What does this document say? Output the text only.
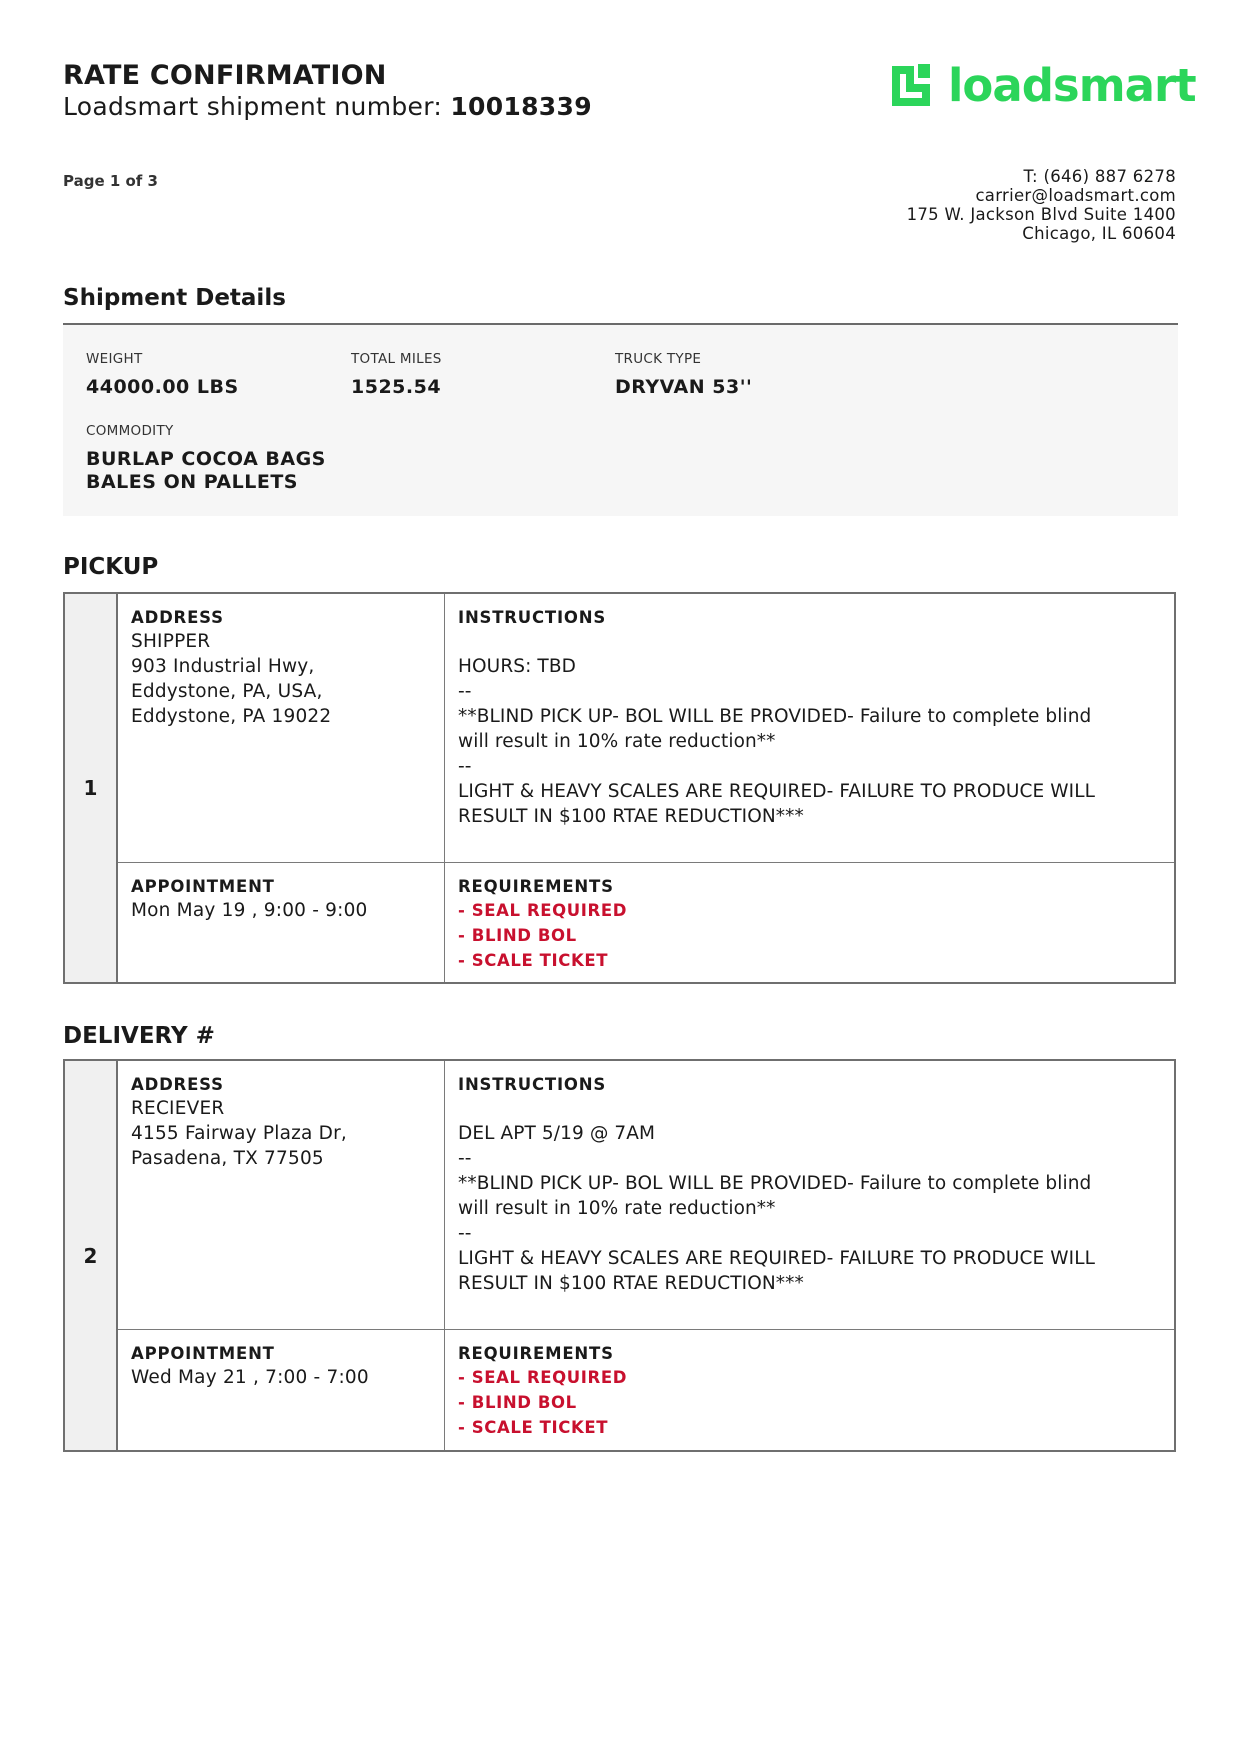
RATE CONFIRMATION
Loadsmart shipment number: 10018339	loadsmart
Page 1 of 3	T: (646) 887 6278
carrier@loadsmart.com
175 W. Jackson Blvd Suite 1400
Chicago, IL 60604
Shipment Details
WEIGHT
44000.00 LBS
TOTAL MILES
1525.54
TRUCK TYPE
DRYVAN 53''
COMMODITY
BURLAP COCOA BAGS
BALES ON PALLETS
PICKUP
1
ADDRESS
SHIPPER
903 Industrial Hwy,
Eddystone, PA, USA,
Eddystone, PA 19022
INSTRUCTIONS
HOURS: TBD
--
**BLIND PICK UP- BOL WILL BE PROVIDED- Failure to complete blind
will result in 10% rate reduction**
--
LIGHT & HEAVY SCALES ARE REQUIRED- FAILURE TO PRODUCE WILL
RESULT IN $100 RTAE REDUCTION***
APPOINTMENT
Mon May 19 , 9:00 - 9:00
REQUIREMENTS
- SEAL REQUIRED
- BLIND BOL
- SCALE TICKET
DELIVERY #
2
ADDRESS
RECIEVER
4155 Fairway Plaza Dr,
Pasadena, TX 77505
INSTRUCTIONS
DEL APT 5/19 @ 7AM
--
**BLIND PICK UP- BOL WILL BE PROVIDED- Failure to complete blind
will result in 10% rate reduction**
--
LIGHT & HEAVY SCALES ARE REQUIRED- FAILURE TO PRODUCE WILL
RESULT IN $100 RTAE REDUCTION***
APPOINTMENT
Wed May 21 , 7:00 - 7:00
REQUIREMENTS
- SEAL REQUIRED
- BLIND BOL
- SCALE TICKET
